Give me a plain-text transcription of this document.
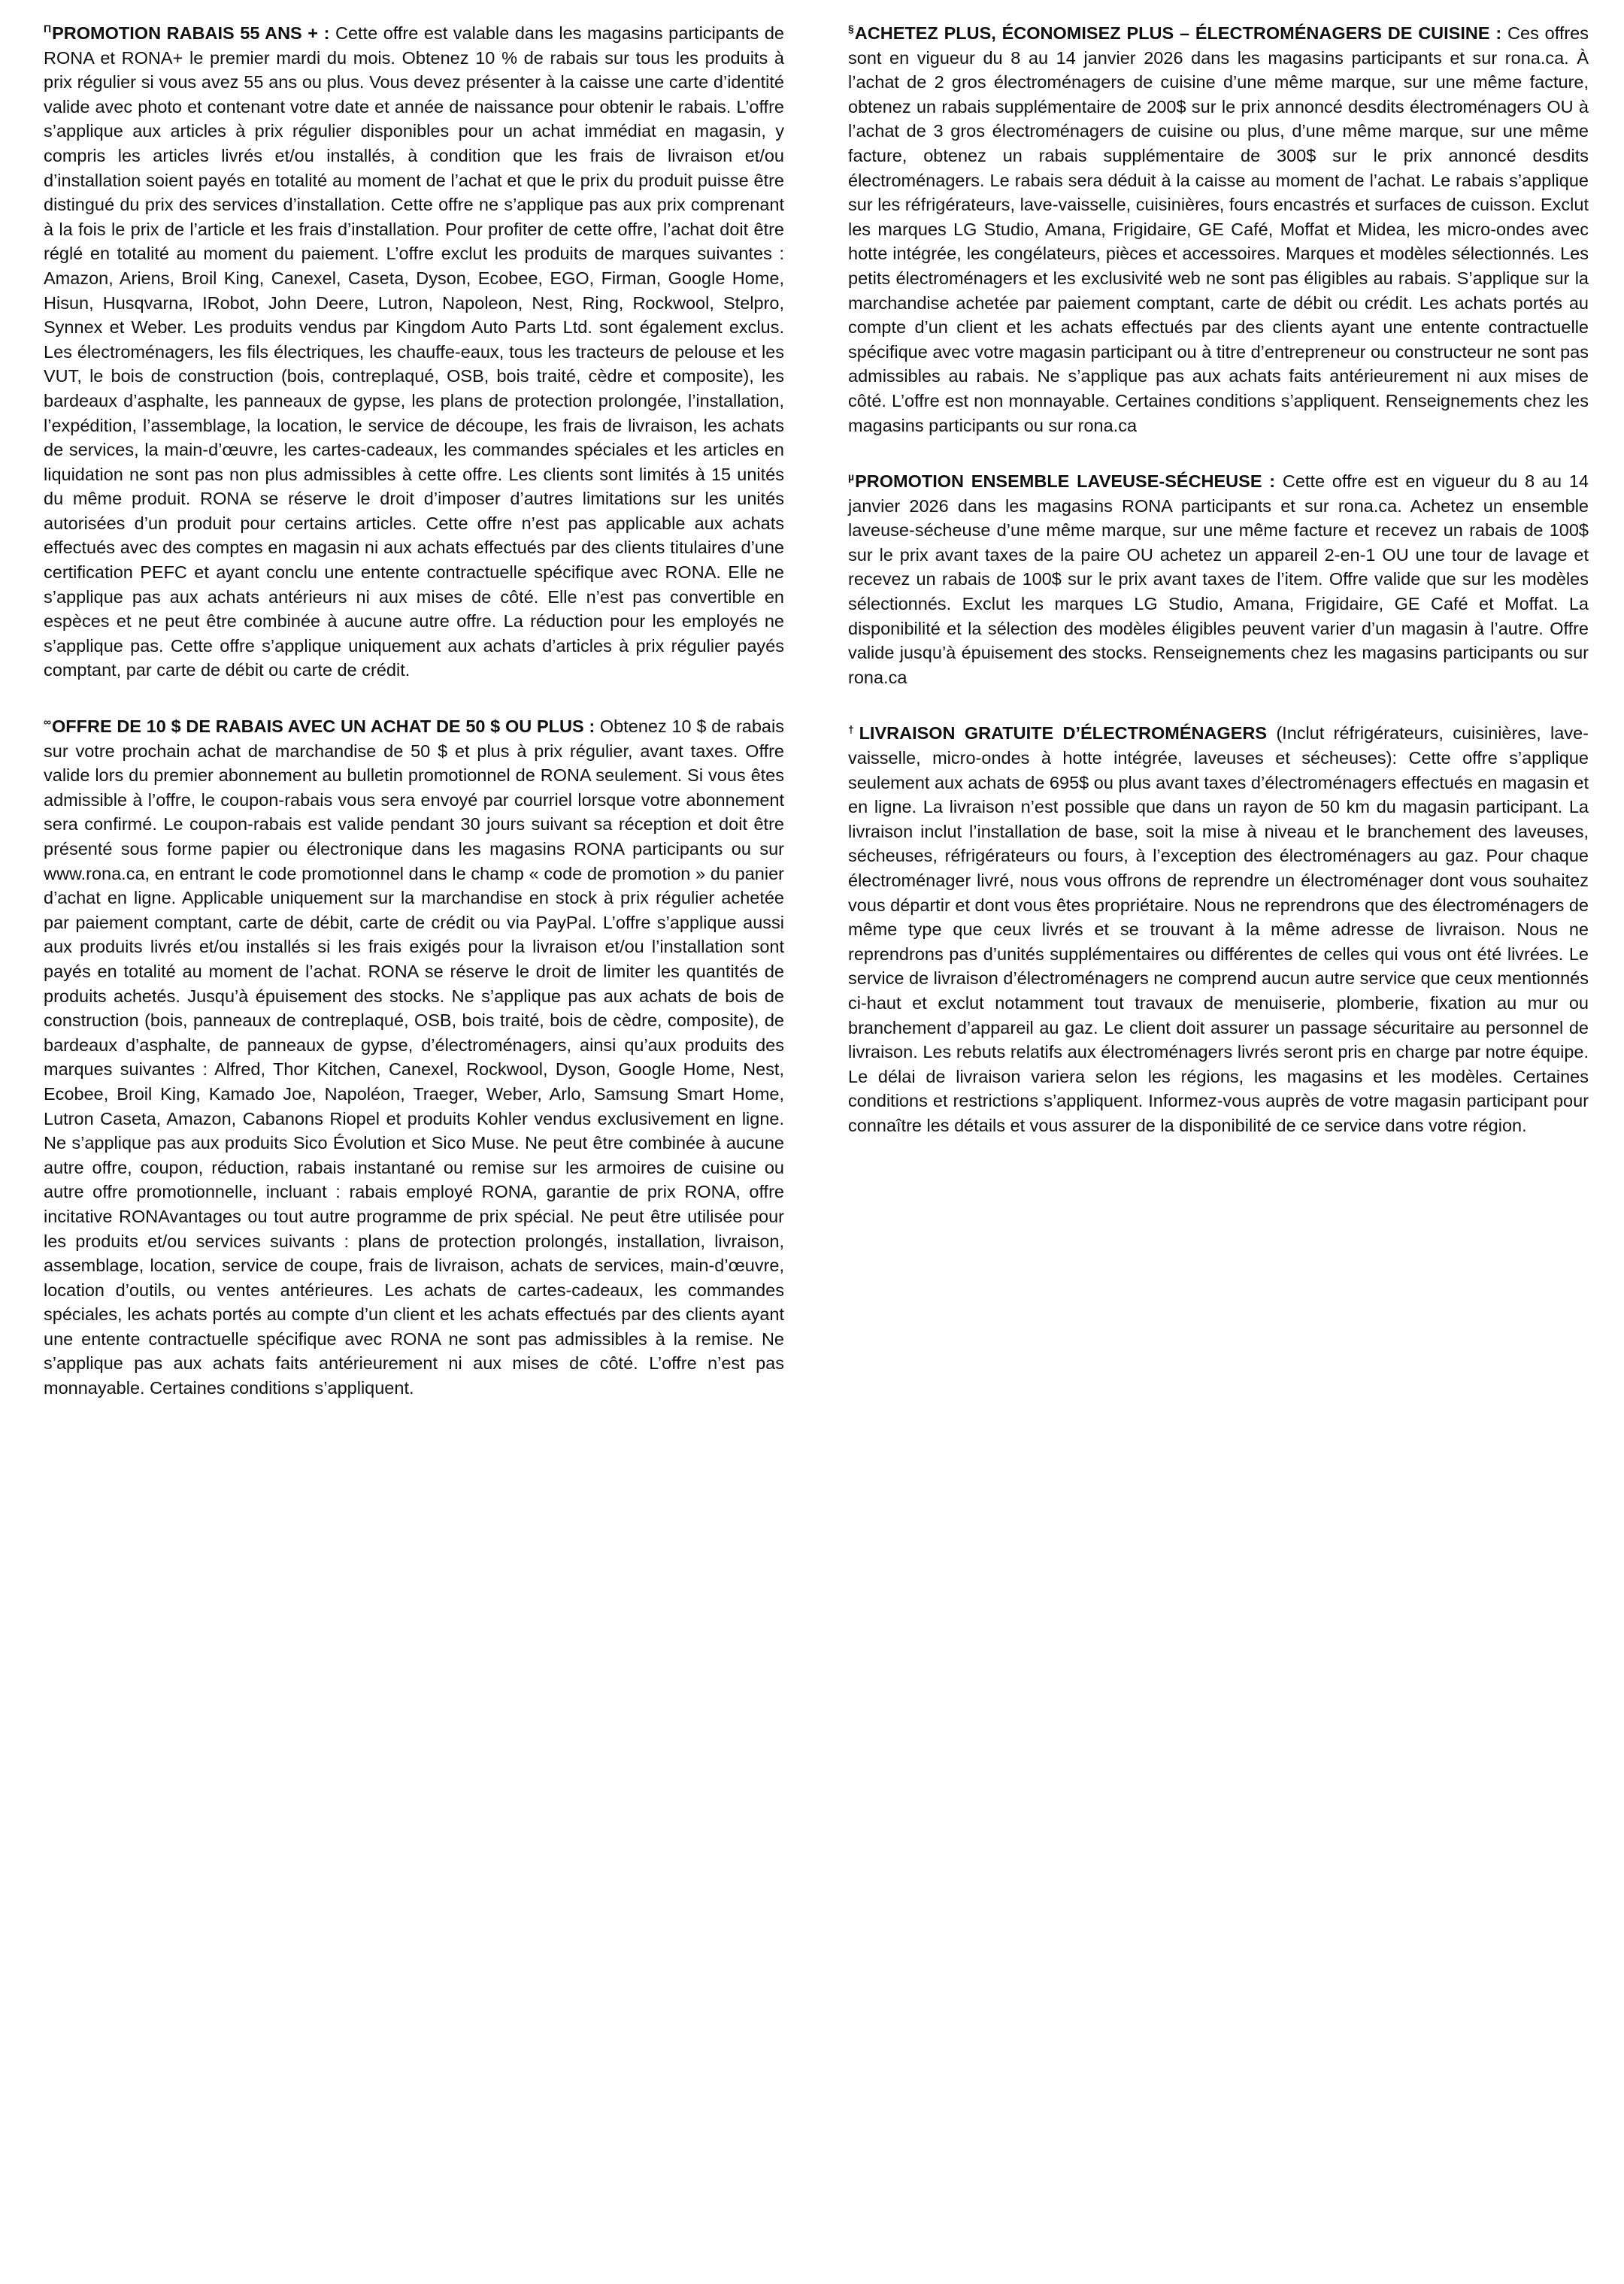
$^\Pi$PROMOTION RABAIS 55 ANS + : Cette offre est valable dans les magasins participants de RONA et RONA+ le premier mardi du mois. Obtenez 10 % de rabais sur tous les produits à prix régulier si vous avez 55 ans ou plus. Vous devez présenter à la caisse une carte d’identité valide avec photo et contenant votre date et année de naissance pour obtenir le rabais. L’offre s’applique aux articles à prix régulier disponibles pour un achat immédiat en magasin, y compris les articles livrés et/ou installés, à condition que les frais de livraison et/ou d’installation soient payés en totalité au moment de l’achat et que le prix du produit puisse être distingué du prix des services d’installation. Cette offre ne s’applique pas aux prix comprenant à la fois le prix de l’article et les frais d’installation. Pour profiter de cette offre, l’achat doit être réglé en totalité au moment du paiement. L’offre exclut les produits de marques suivantes : Amazon, Ariens, Broil King, Canexel, Caseta, Dyson, Ecobee, EGO, Firman, Google Home, Hisun, Husqvarna, IRobot, John Deere, Lutron, Napoleon, Nest, Ring, Rockwool, Stelpro, Synnex et Weber. Les produits vendus par Kingdom Auto Parts Ltd. sont également exclus. Les électroménagers, les fils électriques, les chauffe-eaux, tous les tracteurs de pelouse et les VUT, le bois de construction (bois, contreplaqué, OSB, bois traité, cèdre et composite), les bardeaux d’asphalte, les panneaux de gypse, les plans de protection prolongée, l’installation, l’expédition, l’assemblage, la location, le service de découpe, les frais de livraison, les achats de services, la main-d’œuvre, les cartes-cadeaux, les commandes spéciales et les articles en liquidation ne sont pas non plus admissibles à cette offre. Les clients sont limités à 15 unités du même produit. RONA se réserve le droit d’imposer d’autres limitations sur les unités autorisées d’un produit pour certains articles. Cette offre n’est pas applicable aux achats effectués avec des comptes en magasin ni aux achats effectués par des clients titulaires d’une certification PEFC et ayant conclu une entente contractuelle spécifique avec RONA. Elle ne s’applique pas aux achats antérieurs ni aux mises de côté. Elle n’est pas convertible en espèces et ne peut être combinée à aucune autre offre. La réduction pour les employés ne s’applique pas. Cette offre s’applique uniquement aux achats d’articles à prix régulier payés comptant, par carte de débit ou carte de crédit.

∞OFFRE DE 10 $ DE RABAIS AVEC UN ACHAT DE 50 $ OU PLUS : Obtenez 10 $ de rabais sur votre prochain achat de marchandise de 50 $ et plus à prix régulier, avant taxes. Offre valide lors du premier abonnement au bulletin promotionnel de RONA seulement. Si vous êtes admissible à l’offre, le coupon-rabais vous sera envoyé par courriel lorsque votre abonnement sera confirmé. Le coupon-rabais est valide pendant 30 jours suivant sa réception et doit être présenté sous forme papier ou électronique dans les magasins RONA participants ou sur www.rona.ca, en entrant le code promotionnel dans le champ « code de promotion » du panier d’achat en ligne. Applicable uniquement sur la marchandise en stock à prix régulier achetée par paiement comptant, carte de débit, carte de crédit ou via PayPal. L’offre s’applique aussi aux produits livrés et/ou installés si les frais exigés pour la livraison et/ou l’installation sont payés en totalité au moment de l’achat. RONA se réserve le droit de limiter les quantités de produits achetés. Jusqu’à épuisement des stocks. Ne s’applique pas aux achats de bois de construction (bois, panneaux de contreplaqué, OSB, bois traité, bois de cèdre, composite), de bardeaux d’asphalte, de panneaux de gypse, d’électroménagers, ainsi qu’aux produits des marques suivantes : Alfred, Thor Kitchen, Canexel, Rockwool, Dyson, Google Home, Nest, Ecobee, Broil King, Kamado Joe, Napoléon, Traeger, Weber, Arlo, Samsung Smart Home, Lutron Caseta, Amazon, Cabanons Riopel et produits Kohler vendus exclusivement en ligne. Ne s’applique pas aux produits Sico Évolution et Sico Muse. Ne peut être combinée à aucune autre offre, coupon, réduction, rabais instantané ou remise sur les armoires de cuisine ou autre offre promotionnelle, incluant : rabais employé RONA, garantie de prix RONA, offre incitative RONAvantages ou tout autre programme de prix spécial. Ne peut être utilisée pour les produits et/ou services suivants : plans de protection prolongés, installation, livraison, assemblage, location, service de coupe, frais de livraison, achats de services, main-d’œuvre, location d’outils, ou ventes antérieures. Les achats de cartes-cadeaux, les commandes spéciales, les achats portés au compte d’un client et les achats effectués par des clients ayant une entente contractuelle spécifique avec RONA ne sont pas admissibles à la remise. Ne s’applique pas aux achats faits antérieurement ni aux mises de côté. L’offre n’est pas monnayable. Certaines conditions s’appliquent.

§ACHETEZ PLUS, ÉCONOMISEZ PLUS – ÉLECTROMÉNAGERS DE CUISINE : Ces offres sont en vigueur du 8 au 14 janvier 2026 dans les magasins participants et sur rona.ca. À l’achat de 2 gros électroménagers de cuisine d’une même marque, sur une même facture, obtenez un rabais supplémentaire de 200$ sur le prix annoncé desdits électroménagers OU à l’achat de 3 gros électroménagers de cuisine ou plus, d’une même marque, sur une même facture, obtenez un rabais supplémentaire de 300$ sur le prix annoncé desdits électroménagers. Le rabais sera déduit à la caisse au moment de l’achat. Le rabais s’applique sur les réfrigérateurs, lave-vaisselle, cuisinières, fours encastrés et surfaces de cuisson. Exclut les marques LG Studio, Amana, Frigidaire, GE Café, Moffat et Midea, les micro-ondes avec hotte intégrée, les congélateurs, pièces et accessoires. Marques et modèles sélectionnés. Les petits électroménagers et les exclusivité web ne sont pas éligibles au rabais. S’applique sur la marchandise achetée par paiement comptant, carte de débit ou crédit. Les achats portés au compte d’un client et les achats effectués par des clients ayant une entente contractuelle spécifique avec votre magasin participant ou à titre d’entrepreneur ou constructeur ne sont pas admissibles au rabais. Ne s’applique pas aux achats faits antérieurement ni aux mises de côté. L’offre est non monnayable. Certaines conditions s’appliquent. Renseignements chez les magasins participants ou sur rona.ca

$^\mu$PROMOTION ENSEMBLE LAVEUSE-SÉCHEUSE : Cette offre est en vigueur du 8 au 14 janvier 2026 dans les magasins RONA participants et sur rona.ca. Achetez un ensemble laveuse-sécheuse d’une même marque, sur une même facture et recevez un rabais de 100$ sur le prix avant taxes de la paire OU achetez un appareil 2-en-1 OU une tour de lavage et recevez un rabais de 100$ sur le prix avant taxes de l’item. Offre valide que sur les modèles sélectionnés. Exclut les marques LG Studio, Amana, Frigidaire, GE Café et Moffat. La disponibilité et la sélection des modèles éligibles peuvent varier d’un magasin à l’autre. Offre valide jusqu’à épuisement des stocks. Renseignements chez les magasins participants ou sur rona.ca

†LIVRAISON GRATUITE D’ÉLECTROMÉNAGERS (Inclut réfrigérateurs, cuisinières, lave-vaisselle, micro-ondes à hotte intégrée, laveuses et sécheuses): Cette offre s’applique seulement aux achats de 695$ ou plus avant taxes d’électroménagers effectués en magasin et en ligne. La livraison n’est possible que dans un rayon de 50 km du magasin participant. La livraison inclut l’installation de base, soit la mise à niveau et le branchement des laveuses, sécheuses, réfrigérateurs ou fours, à l’exception des électroménagers au gaz. Pour chaque électroménager livré, nous vous offrons de reprendre un électroménager dont vous souhaitez vous départir et dont vous êtes propriétaire. Nous ne reprendrons que des électroménagers de même type que ceux livrés et se trouvant à la même adresse de livraison. Nous ne reprendrons pas d’unités supplémentaires ou différentes de celles qui vous ont été livrées. Le service de livraison d’électroménagers ne comprend aucun autre service que ceux mentionnés ci-haut et exclut notamment tout travaux de menuiserie, plomberie, fixation au mur ou branchement d’appareil au gaz. Le client doit assurer un passage sécuritaire au personnel de livraison. Les rebuts relatifs aux électroménagers livrés seront pris en charge par notre équipe. Le délai de livraison variera selon les régions, les magasins et les modèles. Certaines conditions et restrictions s’appliquent. Informez-vous auprès de votre magasin participant pour connaître les détails et vous assurer de la disponibilité de ce service dans votre région.
